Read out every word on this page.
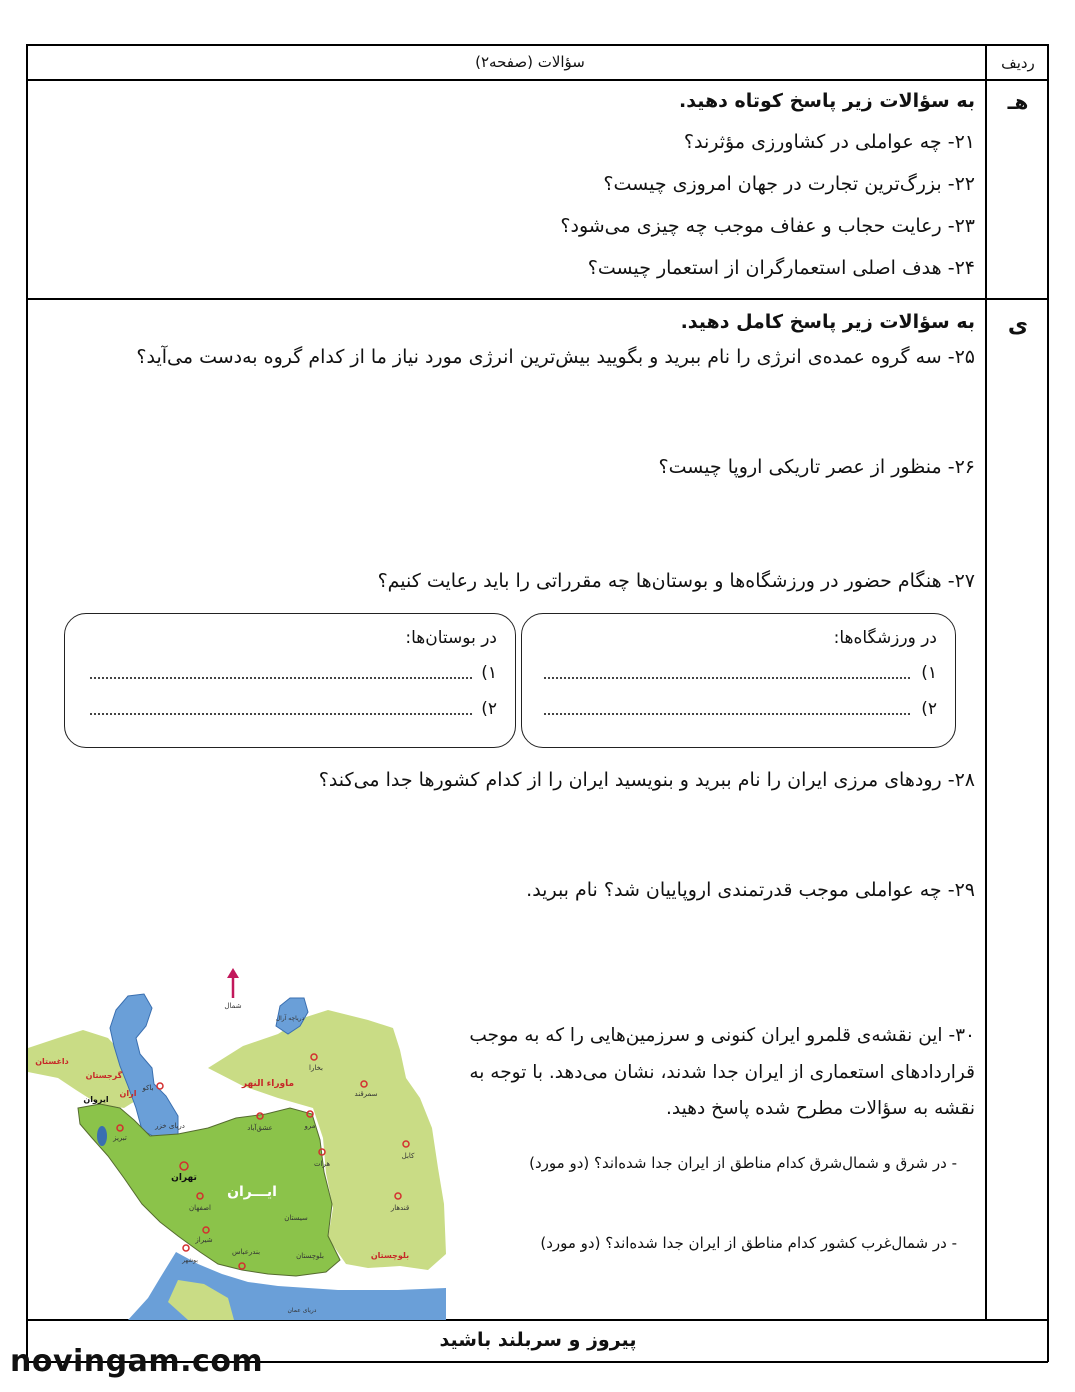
ردیف
سؤالات (صفحه۲)
هـ
به سؤالات زیر پاسخ کوتاه دهید.
۲۱- چه عواملی در کشاورزی مؤثرند؟
۲۲- بزرگ‌ترین تجارت در جهان امروزی چیست؟
۲۳- رعایت حجاب و عفاف موجب چه چیزی می‌شود؟
۲۴- هدف اصلی استعمارگران از استعمار چیست؟
ی
به سؤالات زیر پاسخ کامل دهید.
۲۵- سه گروه عمده‌ی انرژی را نام ببرید و بگویید بیش‌ترین انرژی مورد نیاز ما از کدام گروه به‌دست می‌آید؟
۲۶- منظور از عصر تاریکی اروپا چیست؟
۲۷- هنگام حضور در ورزشگاه‌ها و بوستان‌ها چه مقرراتی را باید رعایت کنیم؟
در ورزشگاه‌ها:
۱)
۲)
در بوستان‌ها:
۱)
۲)
۲۸- رودهای مرزی ایران را نام ببرید و بنویسید ایران را از کدام کشورها جدا می‌کند؟
۲۹- چه عواملی موجب قدرتمندی اروپاییان شد؟ نام ببرید.
۳۰- این نقشه‌ی قلمرو ایران کنونی و سرزمین‌هایی را که به موجب
قراردادهای استعماری از ایران جدا شدند، نشان می‌دهد. با توجه به
نقشه به سؤالات مطرح شده پاسخ دهید.
- در شرق و شمال‌شرق کدام مناطق از ایران جدا شده‌اند؟ (دو مورد)
- در شمال‌غرب کشور کدام مناطق از ایران جدا شده‌اند؟ (دو مورد)
شمال
دریاچه آرال
بخارا
ماوراء النهر
سمرقند
مرو
عشق‌آباد
هرات
کابل
قندهار
بلوچستان
بلوچستان
سیستان
بندرعباس
بوشهر
شیراز
اصفهان
تهران
ایـــران
تبریز
دریای خزر
باکو
اران
گرجستان
داغستان
ایروان
دریای عمان
پیروز و سربلند باشید
novingam.com
